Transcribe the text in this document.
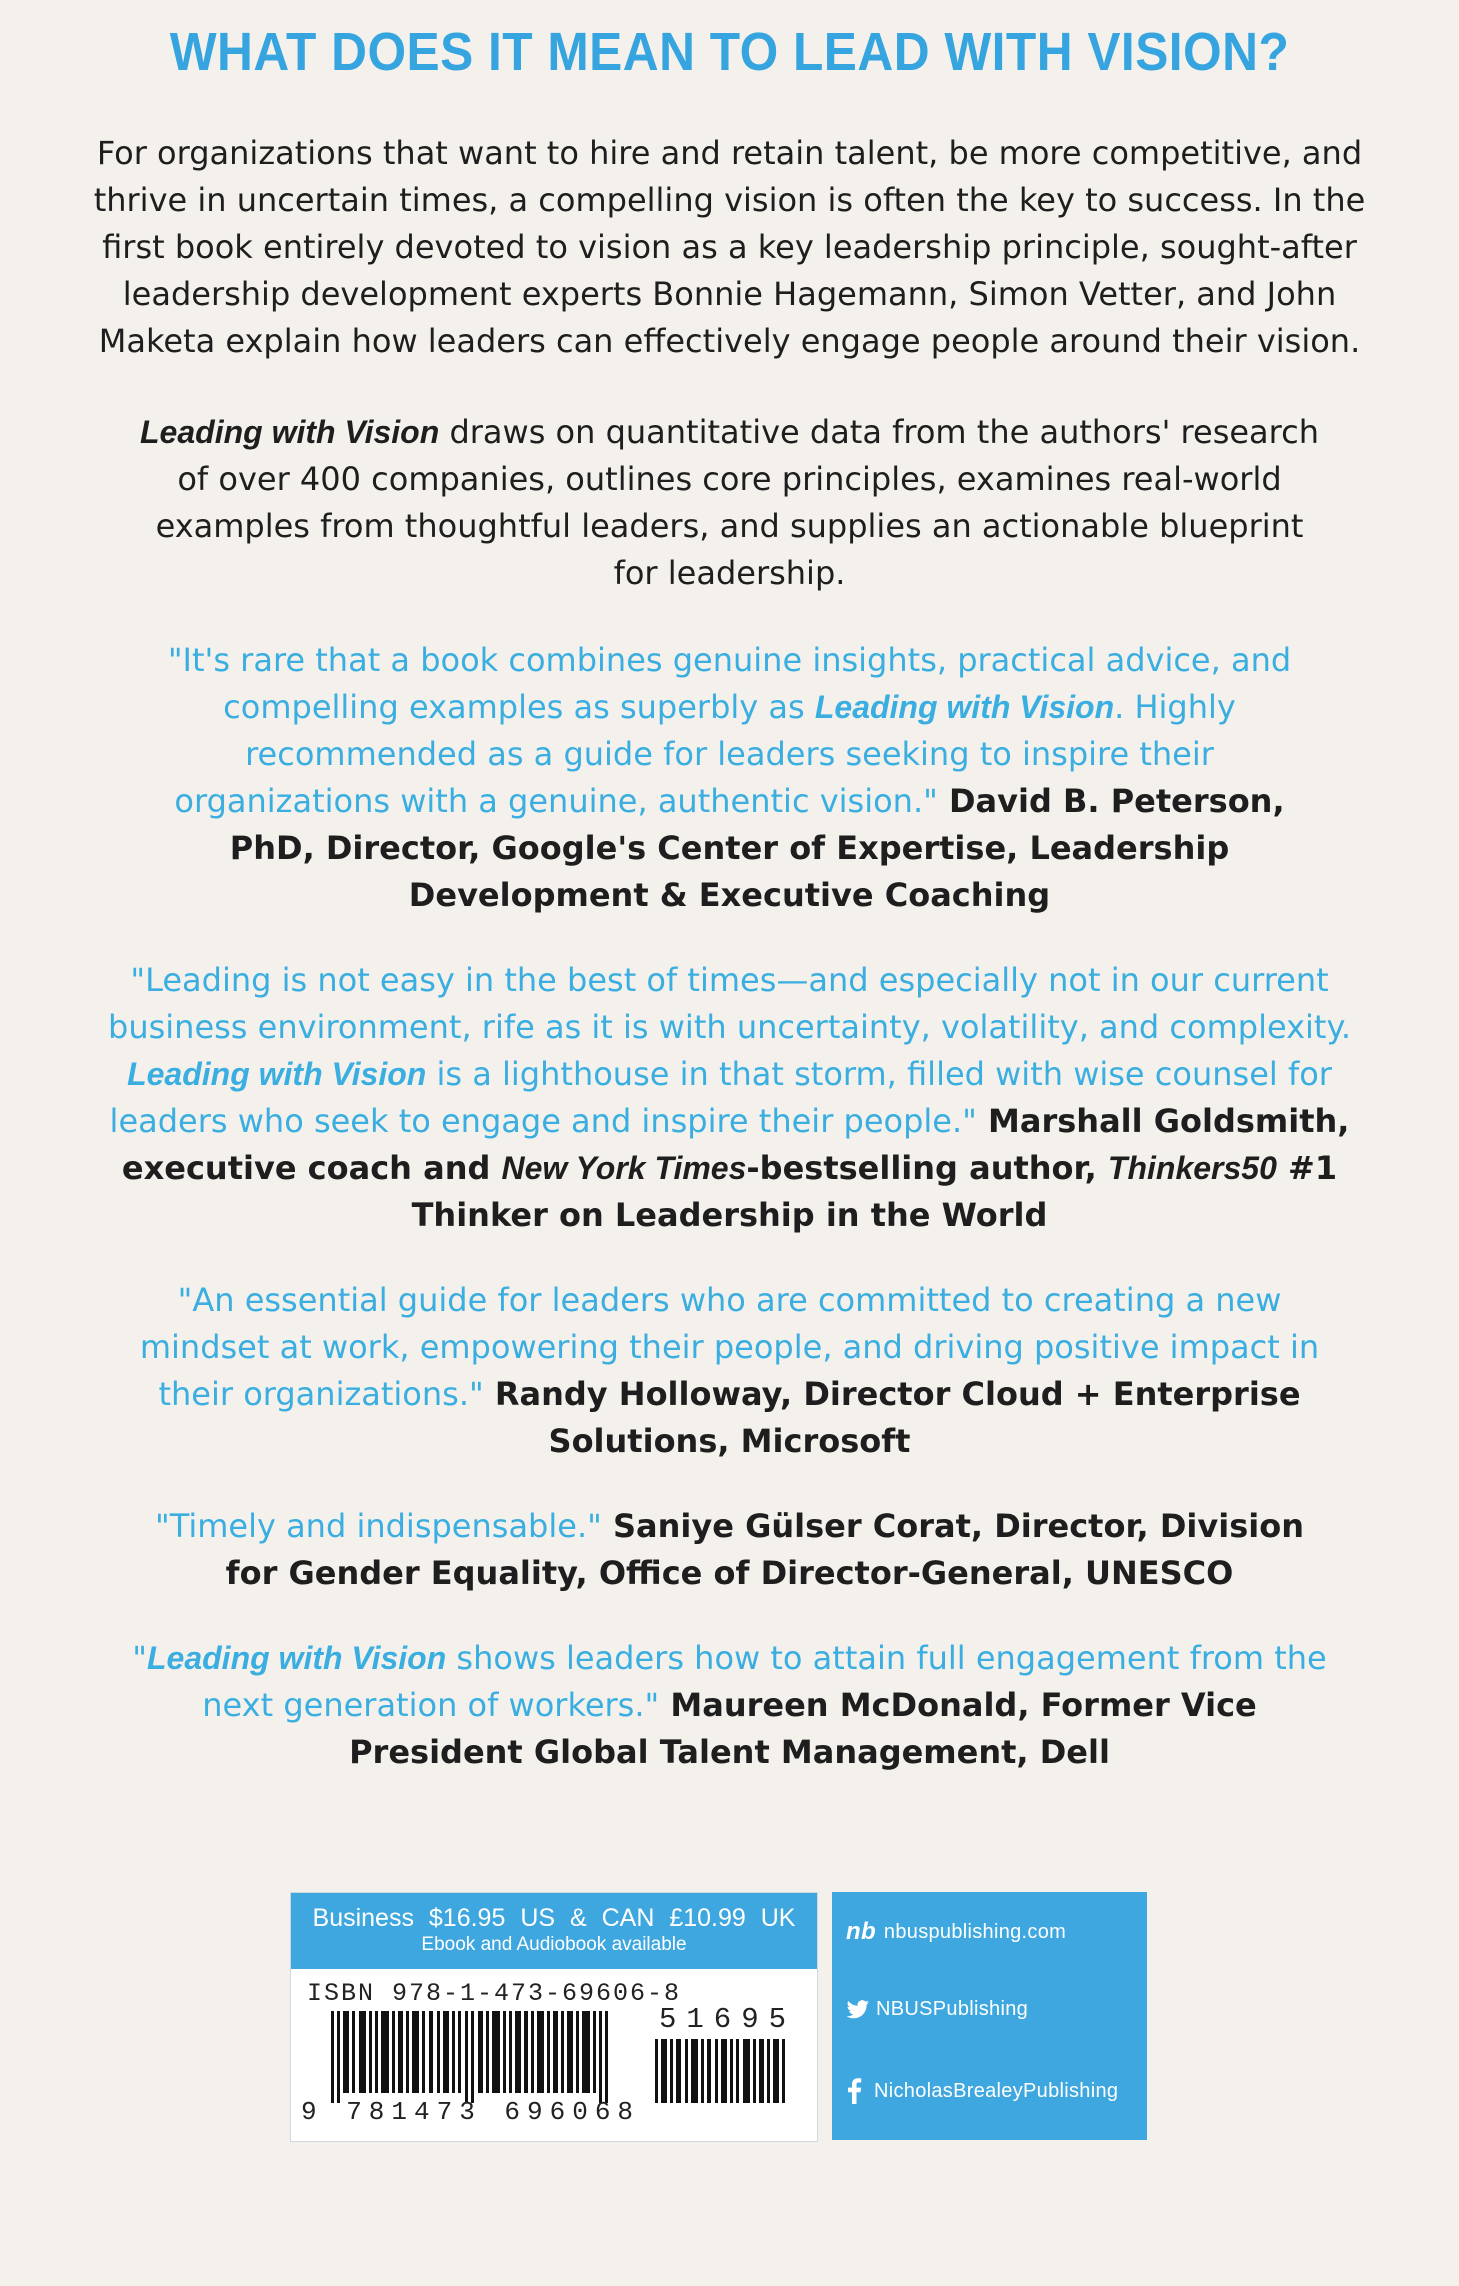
WHAT DOES IT MEAN TO LEAD WITH VISION?

For organizations that want to hire and retain talent, be more competitive, and thrive in uncertain times, a compelling vision is often the key to success. In the first book entirely devoted to vision as a key leadership principle, sought-after leadership development experts Bonnie Hagemann, Simon Vetter, and John Maketa explain how leaders can effectively engage people around their vision.

Leading with Vision draws on quantitative data from the authors' research of over 400 companies, outlines core principles, examines real-world examples from thoughtful leaders, and supplies an actionable blueprint for leadership.

"It's rare that a book combines genuine insights, practical advice, and compelling examples as superbly as Leading with Vision. Highly recommended as a guide for leaders seeking to inspire their organizations with a genuine, authentic vision." David B. Peterson, PhD, Director, Google's Center of Expertise, Leadership Development & Executive Coaching

"Leading is not easy in the best of times—and especially not in our current business environment, rife as it is with uncertainty, volatility, and complexity. Leading with Vision is a lighthouse in that storm, filled with wise counsel for leaders who seek to engage and inspire their people." Marshall Goldsmith, executive coach and New York Times-bestselling author, Thinkers50 #1 Thinker on Leadership in the World

"An essential guide for leaders who are committed to creating a new mindset at work, empowering their people, and driving positive impact in their organizations." Randy Holloway, Director Cloud + Enterprise Solutions, Microsoft

"Timely and indispensable." Saniye Gülser Corat, Director, Division for Gender Equality, Office of Director-General, UNESCO

"Leading with Vision shows leaders how to attain full engagement from the next generation of workers." Maureen McDonald, Former Vice President Global Talent Management, Dell

Business $16.95 US & CAN £10.99 UK
Ebook and Audiobook available
ISBN 978-1-473-69606-8
51695
9 781473 696068
nb nbuspublishing.com
NBUSPublishing
NicholasBrealeyPublishing
